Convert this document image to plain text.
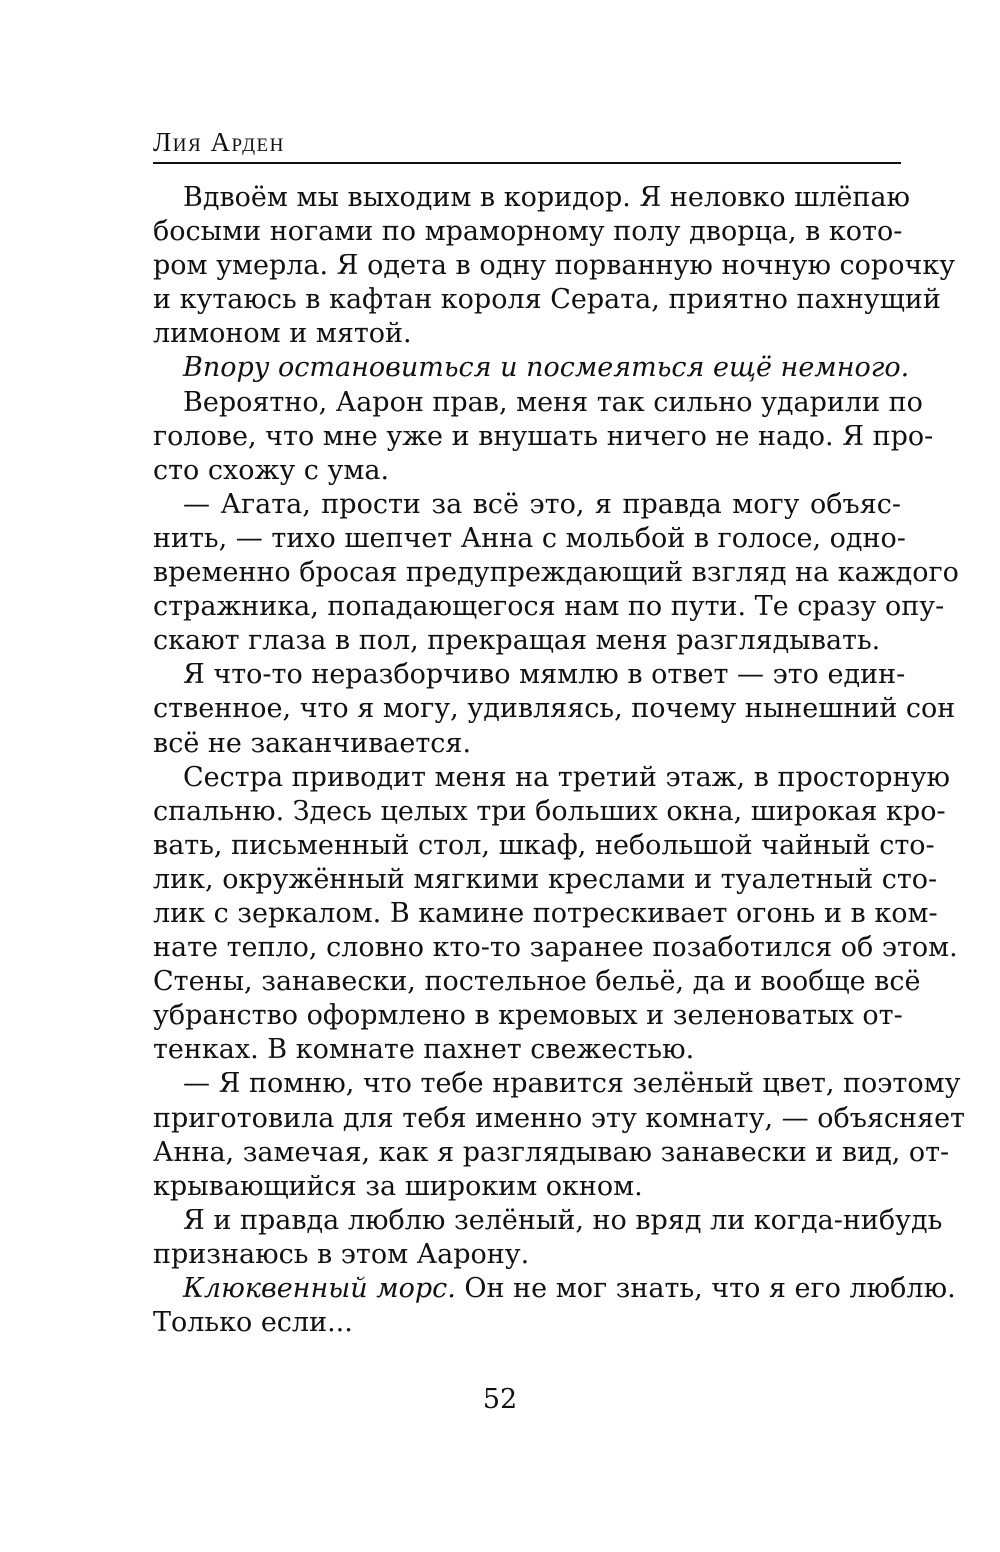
Лия Арден
Вдвоём мы выходим в коридор. Я неловко шлёпаю
босыми ногами по мраморному полу дворца, в кото-
ром умерла. Я одета в одну порванную ночную сорочку
и кутаюсь в кафтан короля Серата, приятно пахнущий
лимоном и мятой.
Впору остановиться и посмеяться ещё немного.
Вероятно, Аарон прав, меня так сильно ударили по
голове, что мне уже и внушать ничего не надо. Я про-
сто схожу с ума.
— Агата, прости за всё это, я правда могу объяс-
нить, — тихо шепчет Анна с мольбой в голосе, одно-
временно бросая предупреждающий взгляд на каждого
стражника, попадающегося нам по пути. Те сразу опу-
скают глаза в пол, прекращая меня разглядывать.
Я что-то неразборчиво мямлю в ответ — это един-
ственное, что я могу, удивляясь, почему нынешний сон
всё не заканчивается.
Сестра приводит меня на третий этаж, в просторную
спальню. Здесь целых три больших окна, широкая кро-
вать, письменный стол, шкаф, небольшой чайный сто-
лик, окружённый мягкими креслами и туалетный сто-
лик с зеркалом. В камине потрескивает огонь и в ком-
нате тепло, словно кто-то заранее позаботился об этом.
Стены, занавески, постельное бельё, да и вообще всё
убранство оформлено в кремовых и зеленоватых от-
тенках. В комнате пахнет свежестью.
— Я помню, что тебе нравится зелёный цвет, поэтому
приготовила для тебя именно эту комнату, — объясняет
Анна, замечая, как я разглядываю занавески и вид, от-
крывающийся за широким окном.
Я и правда люблю зелёный, но вряд ли когда-нибудь
признаюсь в этом Аарону.
Клюквенный морс. Он не мог знать, что я его люблю.
Только если...
52
